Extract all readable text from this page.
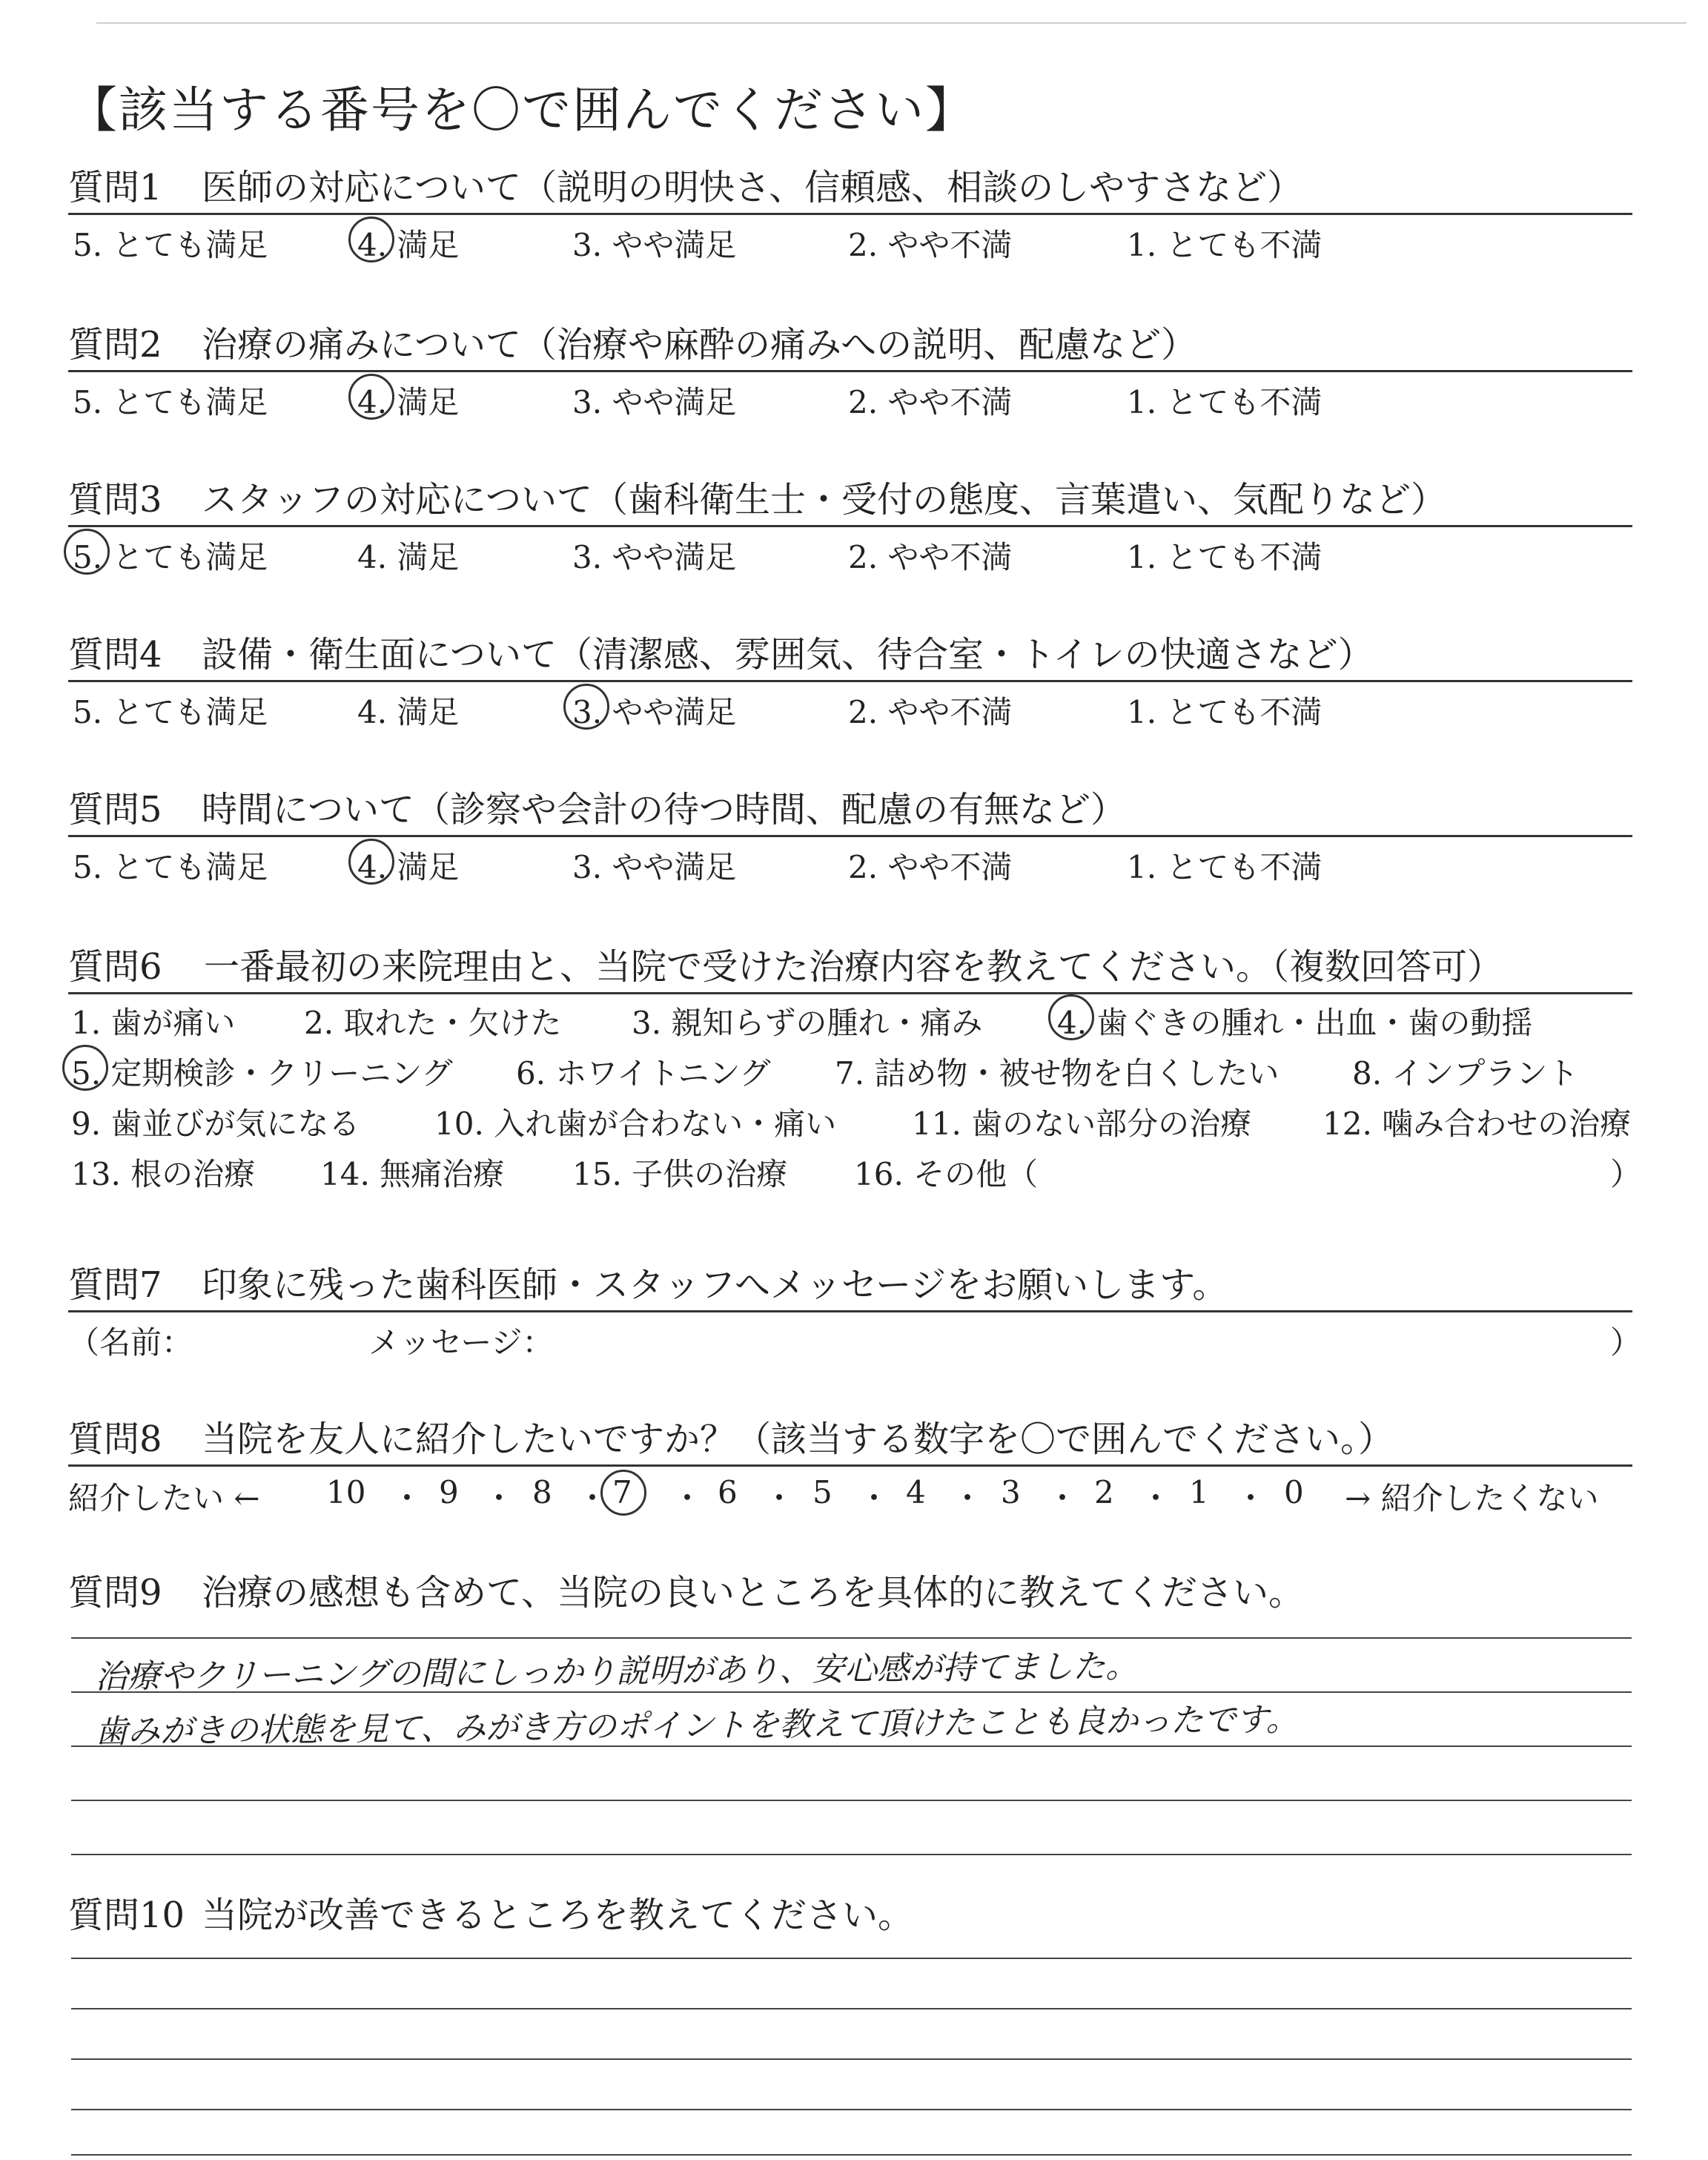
【該当する番号を〇で囲んでください】
質問1 医師の対応について（説明の明快さ、信頼感、相談のしやすさなど）
5. とても満足	4. 満足	3. やや満足	2. やや不満	1. とても不満
質問2 治療の痛みについて（治療や麻酔の痛みへの説明、配慮など）
5. とても満足	4. 満足	3. やや満足	2. やや不満	1. とても不満
質問3 スタッフの対応について（歯科衛生士・受付の態度、言葉遣い、気配りなど）
5. とても満足	4. 満足	3. やや満足	2. やや不満	1. とても不満
質問4 設備・衛生面について（清潔感、雰囲気、待合室・トイレの快適さなど）
5. とても満足	4. 満足	3. やや満足	2. やや不満	1. とても不満
質問5 時間について（診察や会計の待つ時間、配慮の有無など）
5. とても満足	4. 満足	3. やや満足	2. やや不満	1. とても不満
質問6 一番最初の来院理由と、当院で受けた治療内容を教えてください。（複数回答可）
1. 歯が痛い 2. 取れた・欠けた 3. 親知らずの腫れ・痛み 4. 歯ぐきの腫れ・出血・歯の動揺
5. 定期検診・クリーニング 6. ホワイトニング 7. 詰め物・被せ物を白くしたい 8. インプラント
9. 歯並びが気になる 10. 入れ歯が合わない・痛い 11. 歯のない部分の治療 12. 噛み合わせの治療
13. 根の治療 14. 無痛治療 15. 子供の治療 16. その他（	）
質問7 印象に残った歯科医師・スタッフへメッセージをお願いします。
（名前：	メッセージ：	）
質問8 当院を友人に紹介したいですか？（該当する数字を〇で囲んでください。）
紹介したい ← 10 ・ 9 ・ 8 ・ 7 ・ 6 ・ 5 ・ 4 ・ 3 ・ 2 ・ 1 ・ 0 → 紹介したくない
質問9 治療の感想も含めて、当院の良いところを具体的に教えてください。
治療やクリーニングの間にしっかり説明があり、安心感が持てました。
歯みがきの状態を見て、みがき方のポイントを教えて頂けたことも良かったです。
質問10 当院が改善できるところを教えてください。
